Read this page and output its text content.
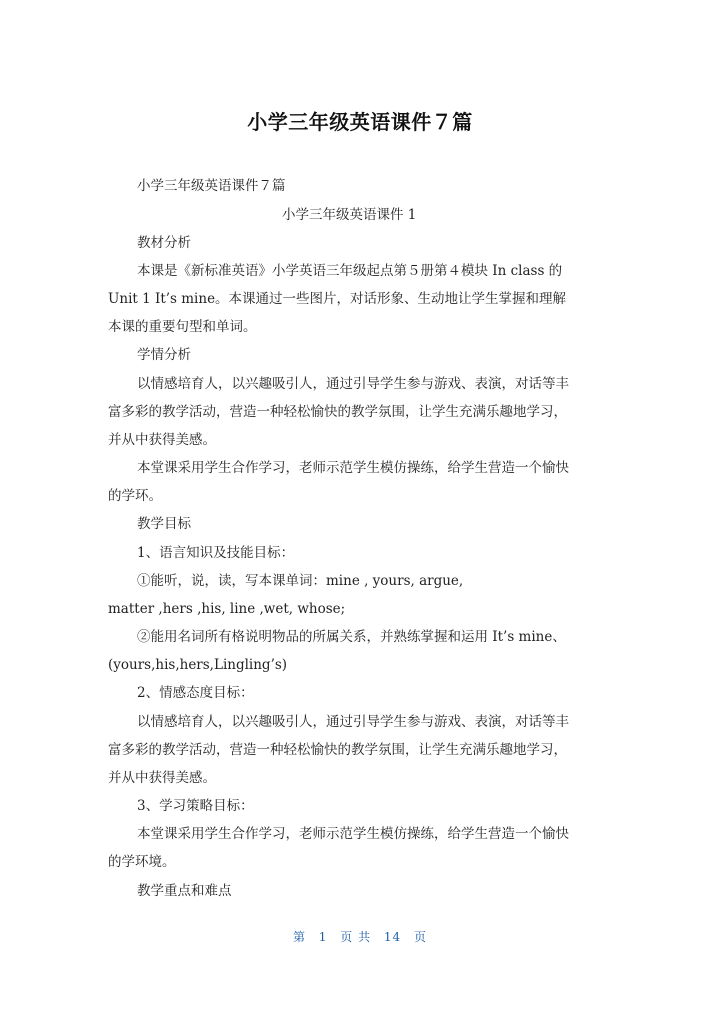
小学三年级英语课件７篇
小学三年级英语课件７篇
小学三年级英语课件 1
教材分析
本课是《新标准英语》小学英语三年级起点第５册第４模块 In class 的
Unit 1 It’s mine。本课通过一些图片，对话形象、生动地让学生掌握和理解
本课的重要句型和单词。
学情分析
以情感培育人，以兴趣吸引人，通过引导学生参与游戏、表演，对话等丰
富多彩的教学活动，营造一种轻松愉快的教学氛围，让学生充满乐趣地学习，
并从中获得美感。
本堂课采用学生合作学习，老师示范学生模仿操练，给学生营造一个愉快
的学环。
教学目标
1、语言知识及技能目标：
①能听，说，读，写本课单词：mine , yours, argue,
matter ,hers ,his, line ,wet, whose;
②能用名词所有格说明物品的所属关系，并熟练掌握和运用 It’s mine、
(yours,his,hers,Lingling’s)
2、情感态度目标：
以情感培育人，以兴趣吸引人，通过引导学生参与游戏、表演，对话等丰
富多彩的教学活动，营造一种轻松愉快的教学氛围，让学生充满乐趣地学习，
并从中获得美感。
3、学习策略目标：
本堂课采用学生合作学习，老师示范学生模仿操练，给学生营造一个愉快
的学环境。
教学重点和难点
第 1 页 共 14 页
